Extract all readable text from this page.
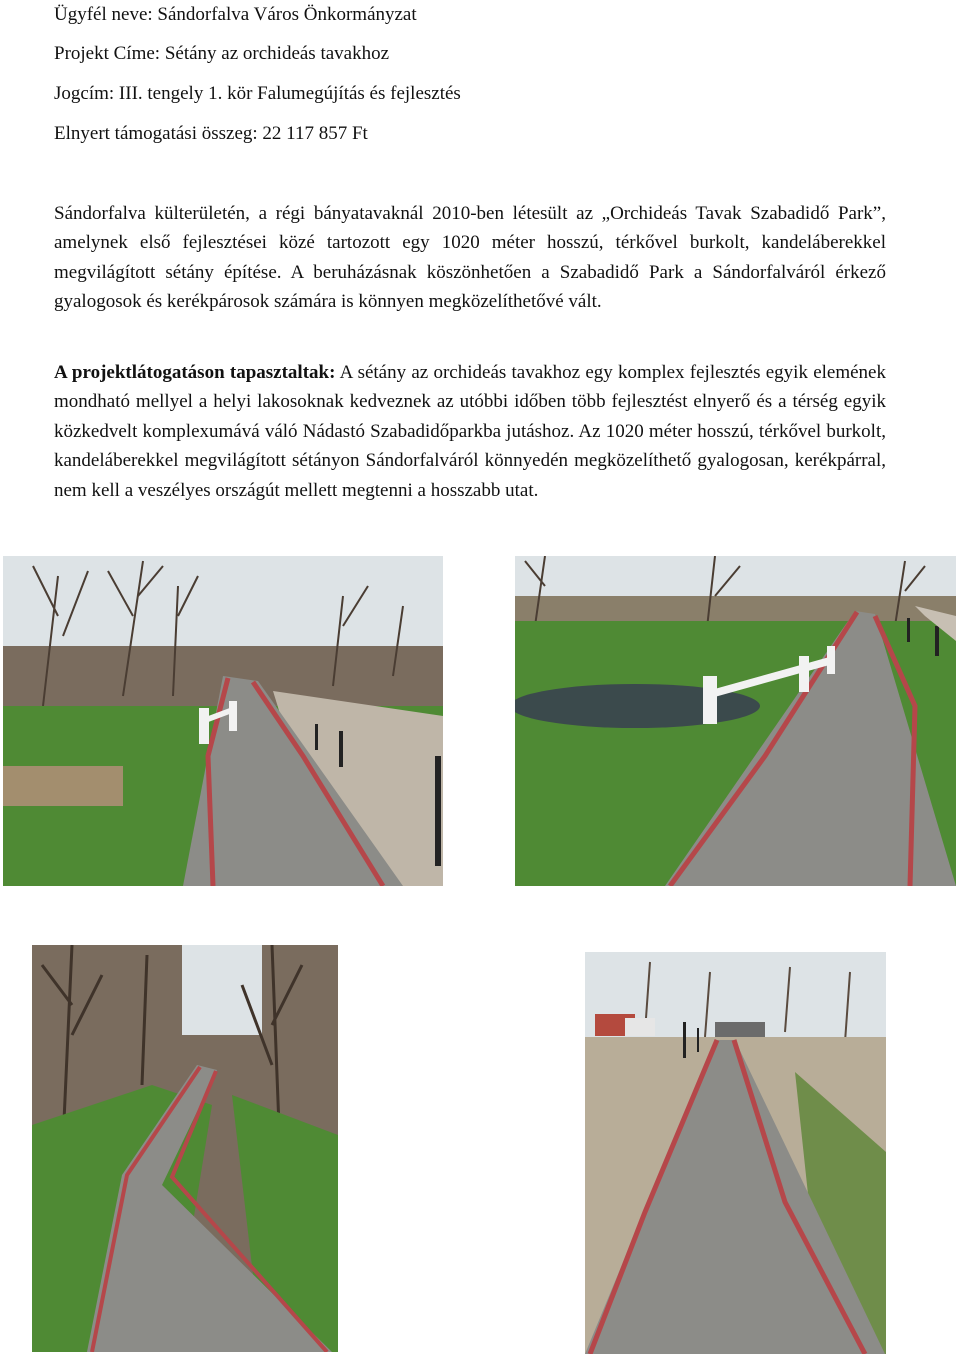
Ügyfél neve: Sándorfalva Város Önkormányzat
Projekt Címe: Sétány az orchideás tavakhoz
Jogcím: III. tengely 1. kör Falumegújítás és fejlesztés
Elnyert támogatási összeg: 22 117 857 Ft

Sándorfalva külterületén, a régi bányatavaknál 2010-ben létesült az „Orchideás Tavak Szabadidő Park”, amelynek első fejlesztései közé tartozott egy 1020 méter hosszú, térkővel burkolt, kandeláberekkel megvilágított sétány építése. A beruházásnak köszönhetően a Szabadidő Park a Sándorfalváról érkező gyalogosok és kerékpárosok számára is könnyen megközelíthetővé vált.

A projektlátogatáson tapasztaltak: A sétány az orchideás tavakhoz egy komplex fejlesztés egyik elemének mondható mellyel a helyi lakosoknak kedveznek az utóbbi időben több fejlesztést elnyerő és a térség egyik közkedvelt komplexumává váló Nádastó Szabadidőparkba jutáshoz. Az 1020 méter hosszú, térkővel burkolt, kandeláberekkel megvilágított sétányon Sándorfalváról könnyedén megközelíthető gyalogosan, kerékpárral, nem kell a veszélyes országút mellett megtenni a hosszabb utat.
